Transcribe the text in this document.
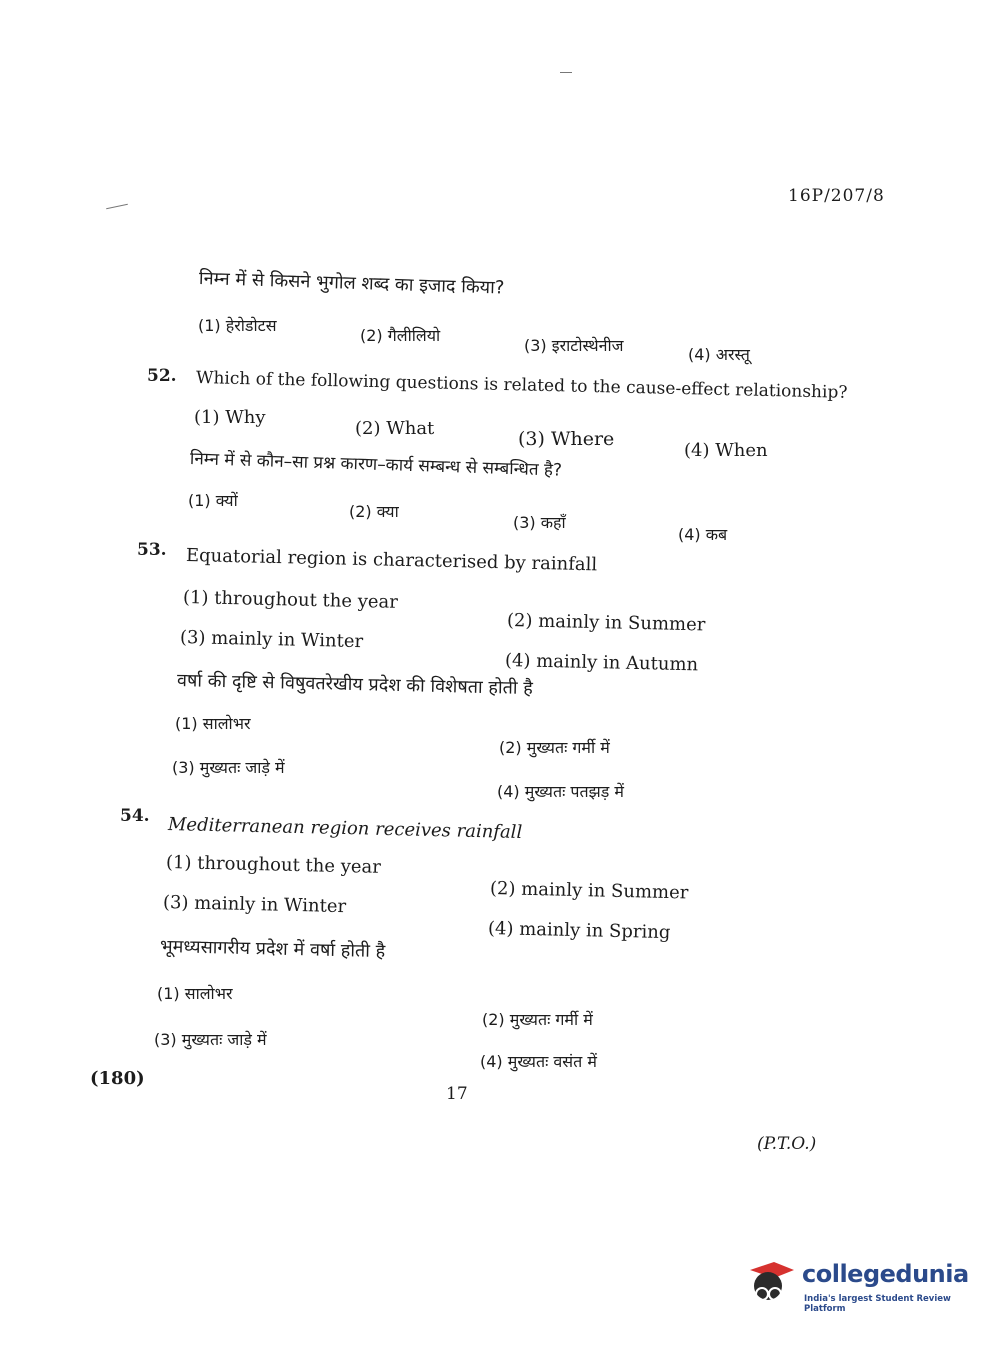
16P/207/8
निम्न में से किसने भुगोल शब्द का इजाद किया?
(1) हेरोडोटस
(2) गैलीलियो
(3) इराटोस्थेनीज	(4) अरस्तू
52. Which of the following questions is related to the cause-effect relationship?
(1) Why
(2) What	(3) Where
(4) When
निम्न में से कौन–सा प्रश्न कारण–कार्य सम्बन्ध से सम्बन्धित है?
(1) क्यों
(2) क्या
(3) कहाँ
(4) कब
53. Equatorial region is characterised by rainfall
(1) throughout the year
(2) mainly in Summer
(3) mainly in Winter
(4) mainly in Autumn
वर्षा की दृष्टि से विषुवतरेखीय प्रदेश की विशेषता होती है
(1) सालोभर
(2) मुख्यतः गर्मी में
(3) मुख्यतः जाड़े में
(4) मुख्यतः पतझड़ में
54. Mediterranean region receives rainfall
(1) throughout the year
(2) mainly in Summer
(3) mainly in Winter
(4) mainly in Spring
भूमध्यसागरीय प्रदेश में वर्षा होती है
(1) सालोभर
(2) मुख्यतः गर्मी में
(3) मुख्यतः जाड़े में
(4) मुख्यतः वसंत में
(180)
17
(P.T.O.)
collegedunia
India's largest Student Review Platform
